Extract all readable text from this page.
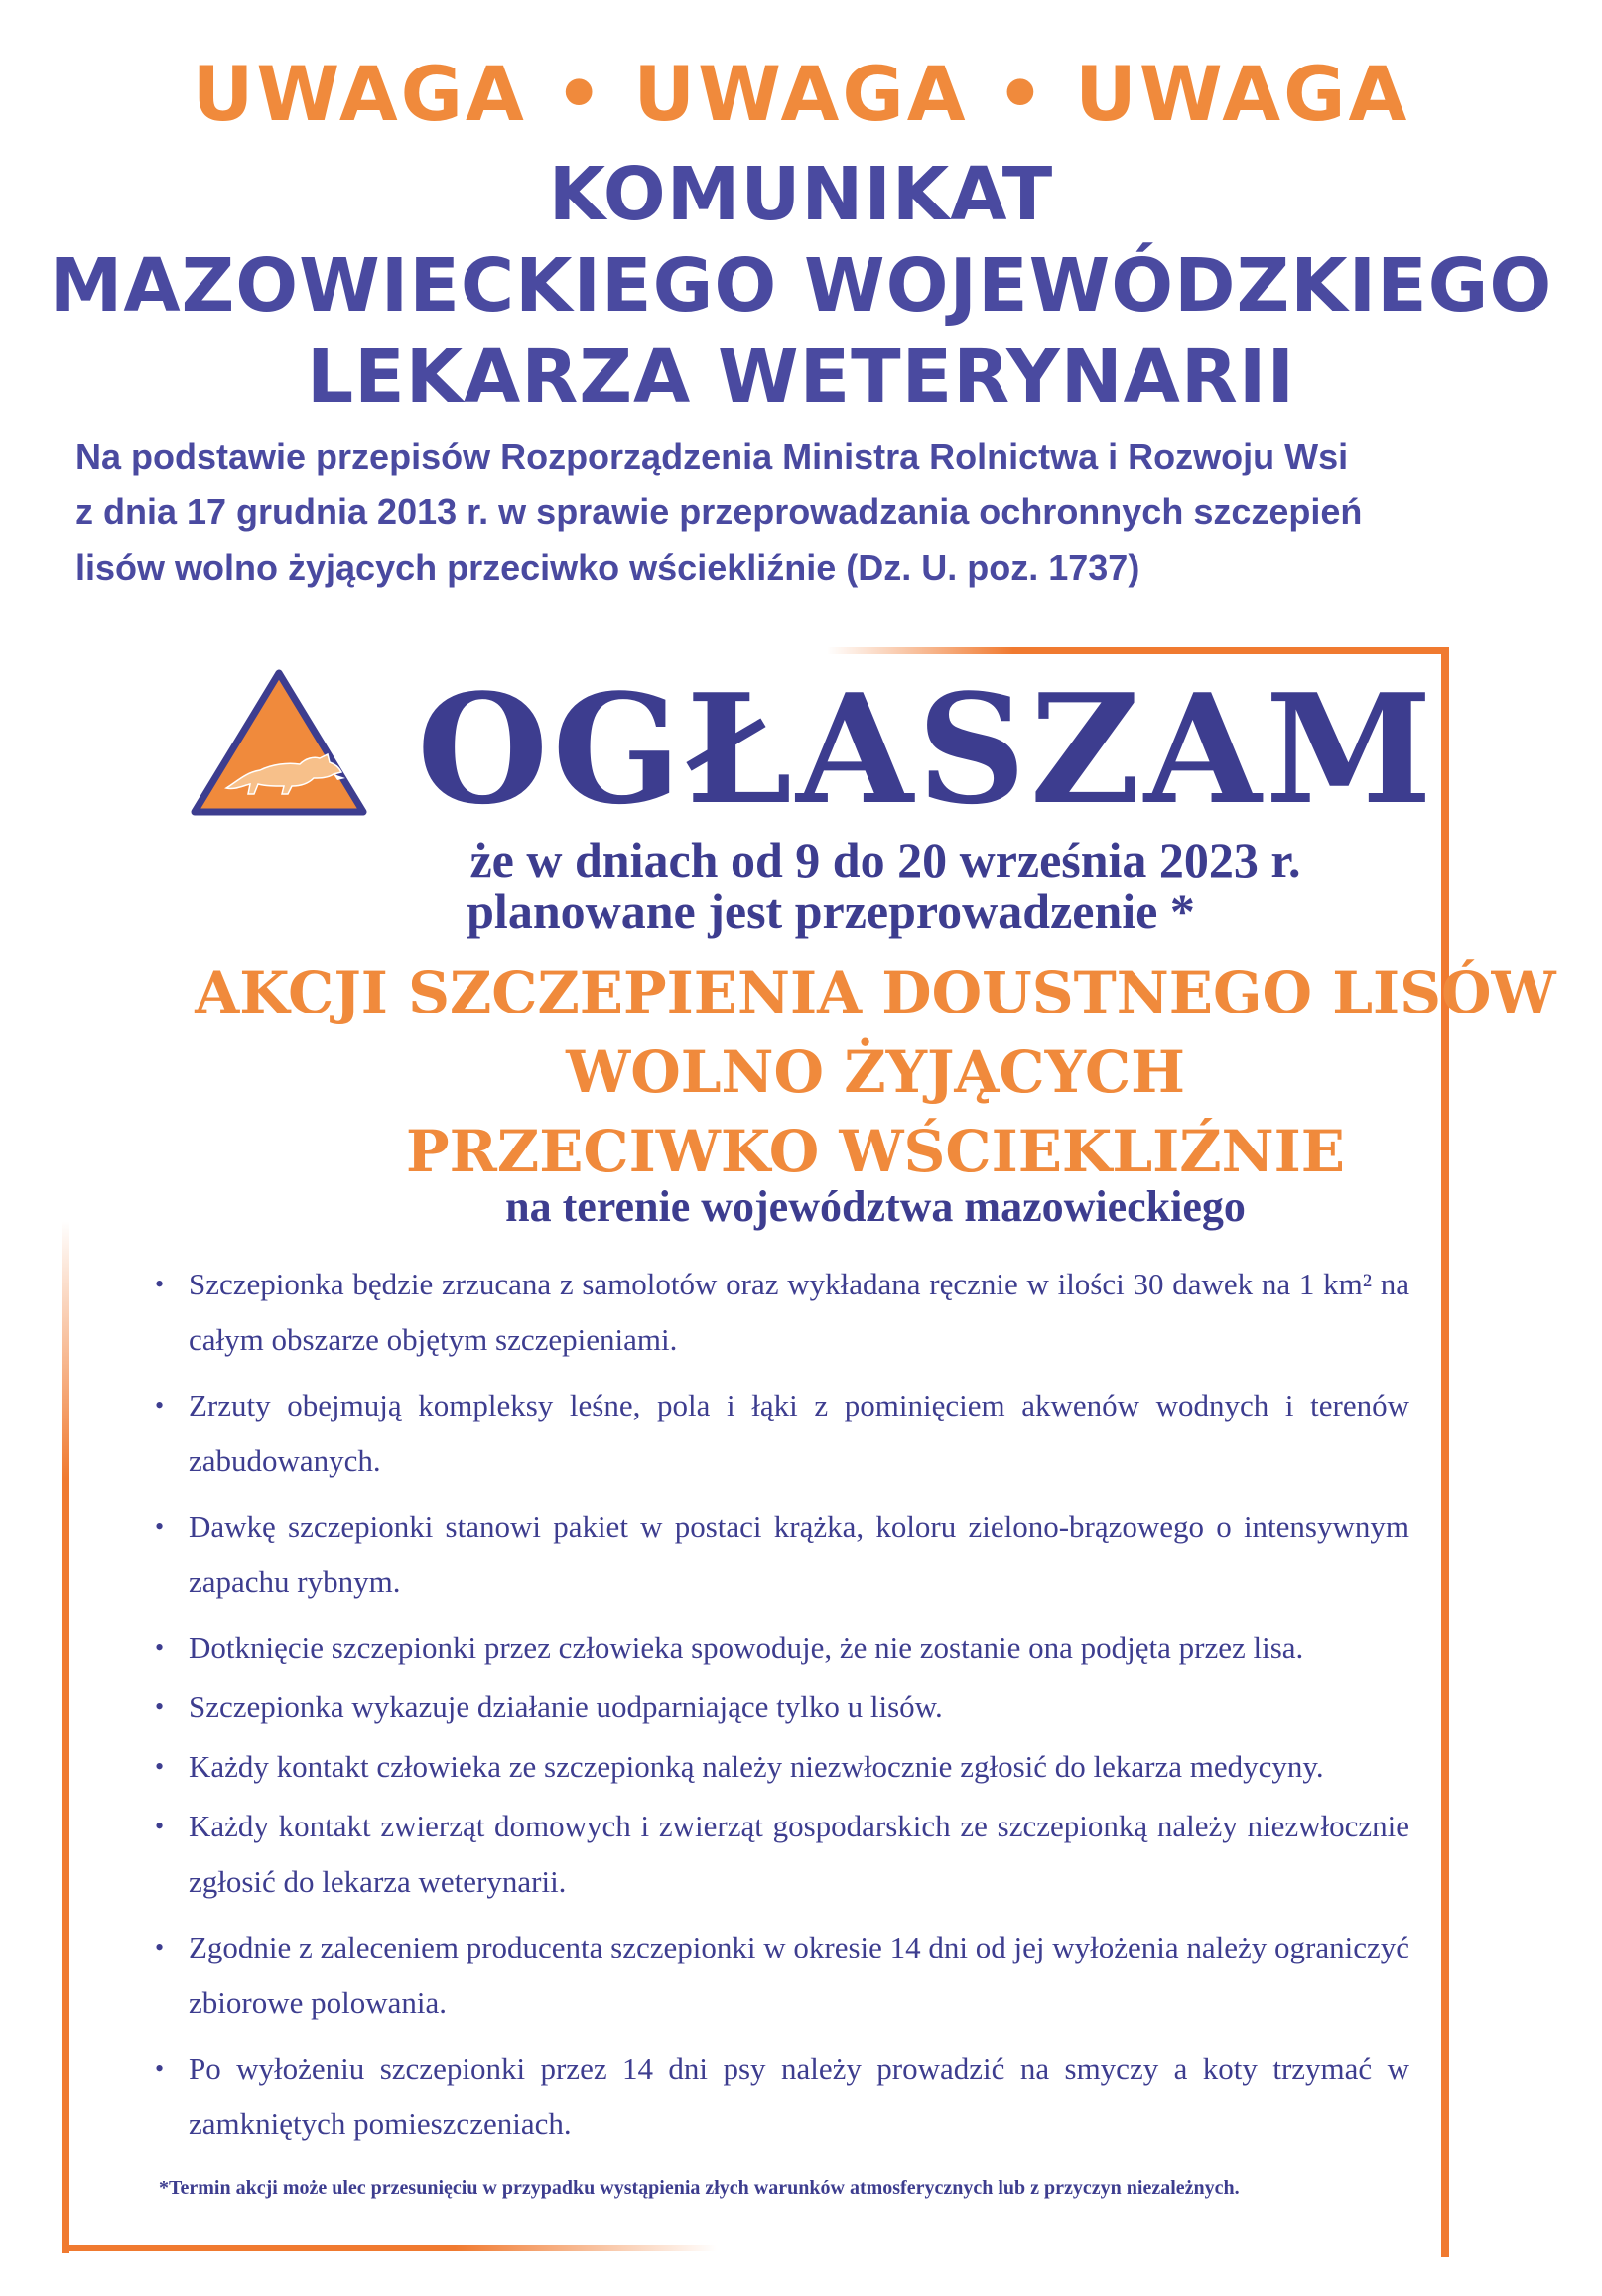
UWAGA • UWAGA • UWAGA
KOMUNIKAT
MAZOWIECKIEGO WOJEWÓDZKIEGO
LEKARZA WETERYNARII
Na podstawie przepisów Rozporządzenia Ministra Rolnictwa i Rozwoju Wsi
z dnia 17 grudnia 2013 r. w sprawie przeprowadzania ochronnych szczepień
lisów wolno żyjących przeciwko wściekliźnie (Dz. U. poz. 1737)
OGŁASZAM
że w dniach od 9 do 20 września 2023 r.
planowane jest przeprowadzenie *
AKCJI SZCZEPIENIA DOUSTNEGO LISÓW
WOLNO ŻYJĄCYCH
PRZECIWKO WŚCIEKLIŹNIE
na terenie województwa mazowieckiego
• Szczepionka będzie zrzucana z samolotów oraz wykładana ręcznie w ilości 30 dawek na 1 km² na całym obszarze objętym szczepieniami.
• Zrzuty obejmują kompleksy leśne, pola i łąki z pominięciem akwenów wodnych i terenów zabudowanych.
• Dawkę szczepionki stanowi pakiet w postaci krążka, koloru zielono-brązowego o intensywnym zapachu rybnym.
• Dotknięcie szczepionki przez człowieka spowoduje, że nie zostanie ona podjęta przez lisa.
• Szczepionka wykazuje działanie uodparniające tylko u lisów.
• Każdy kontakt człowieka ze szczepionką należy niezwłocznie zgłosić do lekarza medycyny.
• Każdy kontakt zwierząt domowych i zwierząt gospodarskich ze szczepionką należy niezwłocznie zgłosić do lekarza weterynarii.
• Zgodnie z zaleceniem producenta szczepionki w okresie 14 dni od jej wyłożenia należy ograniczyć zbiorowe polowania.
• Po wyłożeniu szczepionki przez 14 dni psy należy prowadzić na smyczy a koty trzymać w zamkniętych pomieszczeniach.
*Termin akcji może ulec przesunięciu w przypadku wystąpienia złych warunków atmosferycznych lub z przyczyn niezależnych.
